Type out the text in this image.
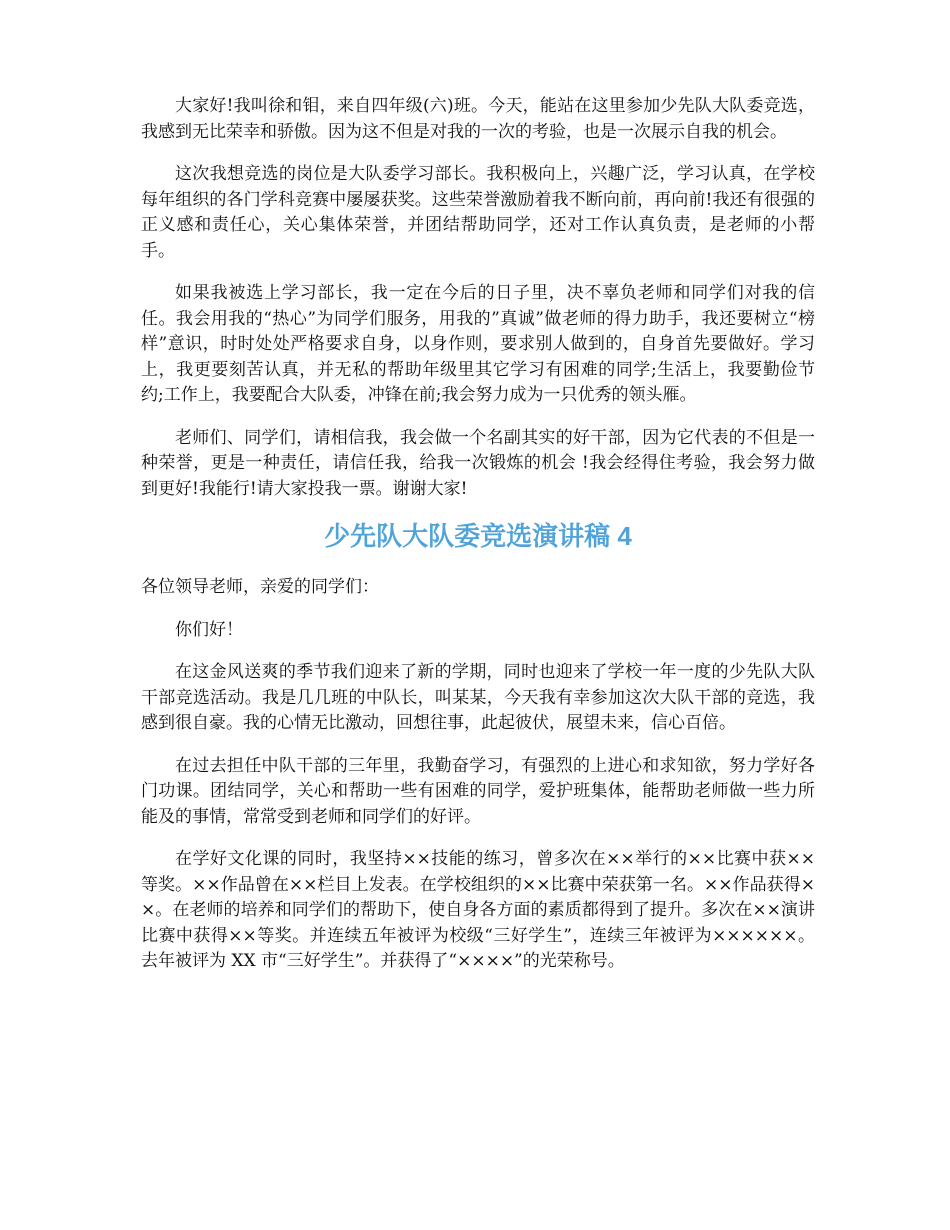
大家好!我叫徐和钼，来自四年级(六)班。今天，能站在这里参加少先队大队委竞选，我感到无比荣幸和骄傲。因为这不但是对我的一次的考验，也是一次展示自我的机会。

这次我想竞选的岗位是大队委学习部长。我积极向上，兴趣广泛，学习认真，在学校每年组织的各门学科竞赛中屡屡获奖。这些荣誉激励着我不断向前，再向前!我还有很强的正义感和责任心，关心集体荣誉，并团结帮助同学，还对工作认真负责，是老师的小帮手。

如果我被选上学习部长，我一定在今后的日子里，决不辜负老师和同学们对我的信任。我会用我的“热心”为同学们服务，用我的”真诚”做老师的得力助手，我还要树立“榜样”意识，时时处处严格要求自身，以身作则，要求别人做到的，自身首先要做好。学习上，我更要刻苦认真，并无私的帮助年级里其它学习有困难的同学;生活上，我要勤俭节约;工作上，我要配合大队委，冲锋在前;我会努力成为一只优秀的领头雁。

老师们、同学们，请相信我，我会做一个名副其实的好干部，因为它代表的不但是一种荣誉，更是一种责任，请信任我，给我一次锻炼的机会 !我会经得住考验，我会努力做到更好!我能行!请大家投我一票。谢谢大家!

少先队大队委竞选演讲稿 4

各位领导老师，亲爱的同学们：

你们好！

在这金风送爽的季节我们迎来了新的学期，同时也迎来了学校一年一度的少先队大队干部竞选活动。我是几几班的中队长，叫某某，今天我有幸参加这次大队干部的竞选，我感到很自豪。我的心情无比激动，回想往事，此起彼伏，展望未来，信心百倍。

在过去担任中队干部的三年里，我勤奋学习，有强烈的上进心和求知欲，努力学好各门功课。团结同学，关心和帮助一些有困难的同学，爱护班集体，能帮助老师做一些力所能及的事情，常常受到老师和同学们的好评。

在学好文化课的同时，我坚持××技能的练习，曾多次在××举行的××比赛中获××等奖。××作品曾在××栏目上发表。在学校组织的××比赛中荣获第一名。××作品获得××。在老师的培养和同学们的帮助下，使自身各方面的素质都得到了提升。多次在××演讲比赛中获得××等奖。并连续五年被评为校级“三好学生”，连续三年被评为××××××。去年被评为 XX 市“三好学生”。并获得了“××××”的光荣称号。
